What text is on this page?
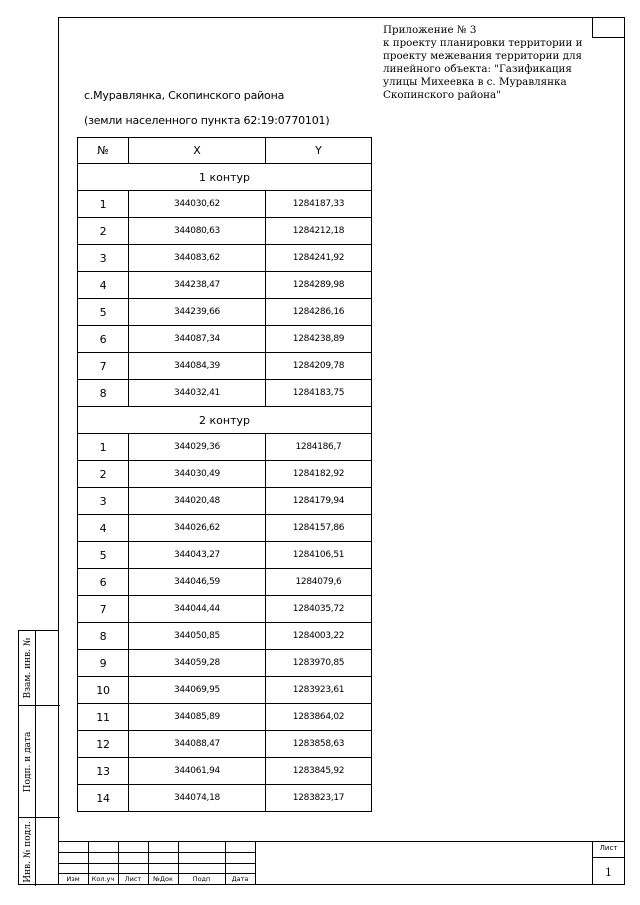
Взам. инв. №
Подп. и дата
Инв. № подл.
Приложение № 3
к проекту планировки территории и
проекту межевания территории для
линейного объекта: "Газификация
улицы Михеевка в с. Муравлянка
Скопинского района"
с.Муравлянка, Скопинского района
(земли населенного пункта 62:19:0770101)
№	X	Y
1 контур		
1	344030,62	1284187,33
2	344080,63	1284212,18
3	344083,62	1284241,92
4	344238,47	1284289,98
5	344239,66	1284286,16
6	344087,34	1284238,89
7	344084,39	1284209,78
8	344032,41	1284183,75
2 контур		
1	344029,36	1284186,7
2	344030,49	1284182,92
3	344020,48	1284179,94
4	344026,62	1284157,86
5	344043,27	1284106,51
6	344046,59	1284079,6
7	344044,44	1284035,72
8	344050,85	1284003,22
9	344059,28	1283970,85
10	344069,95	1283923,61
11	344085,89	1283864,02
12	344088,47	1283858,63
13	344061,94	1283845,92
14	344074,18	1283823,17
Изм	Кол.уч	Лист	№Док	Подп	Дата
Лист
1
